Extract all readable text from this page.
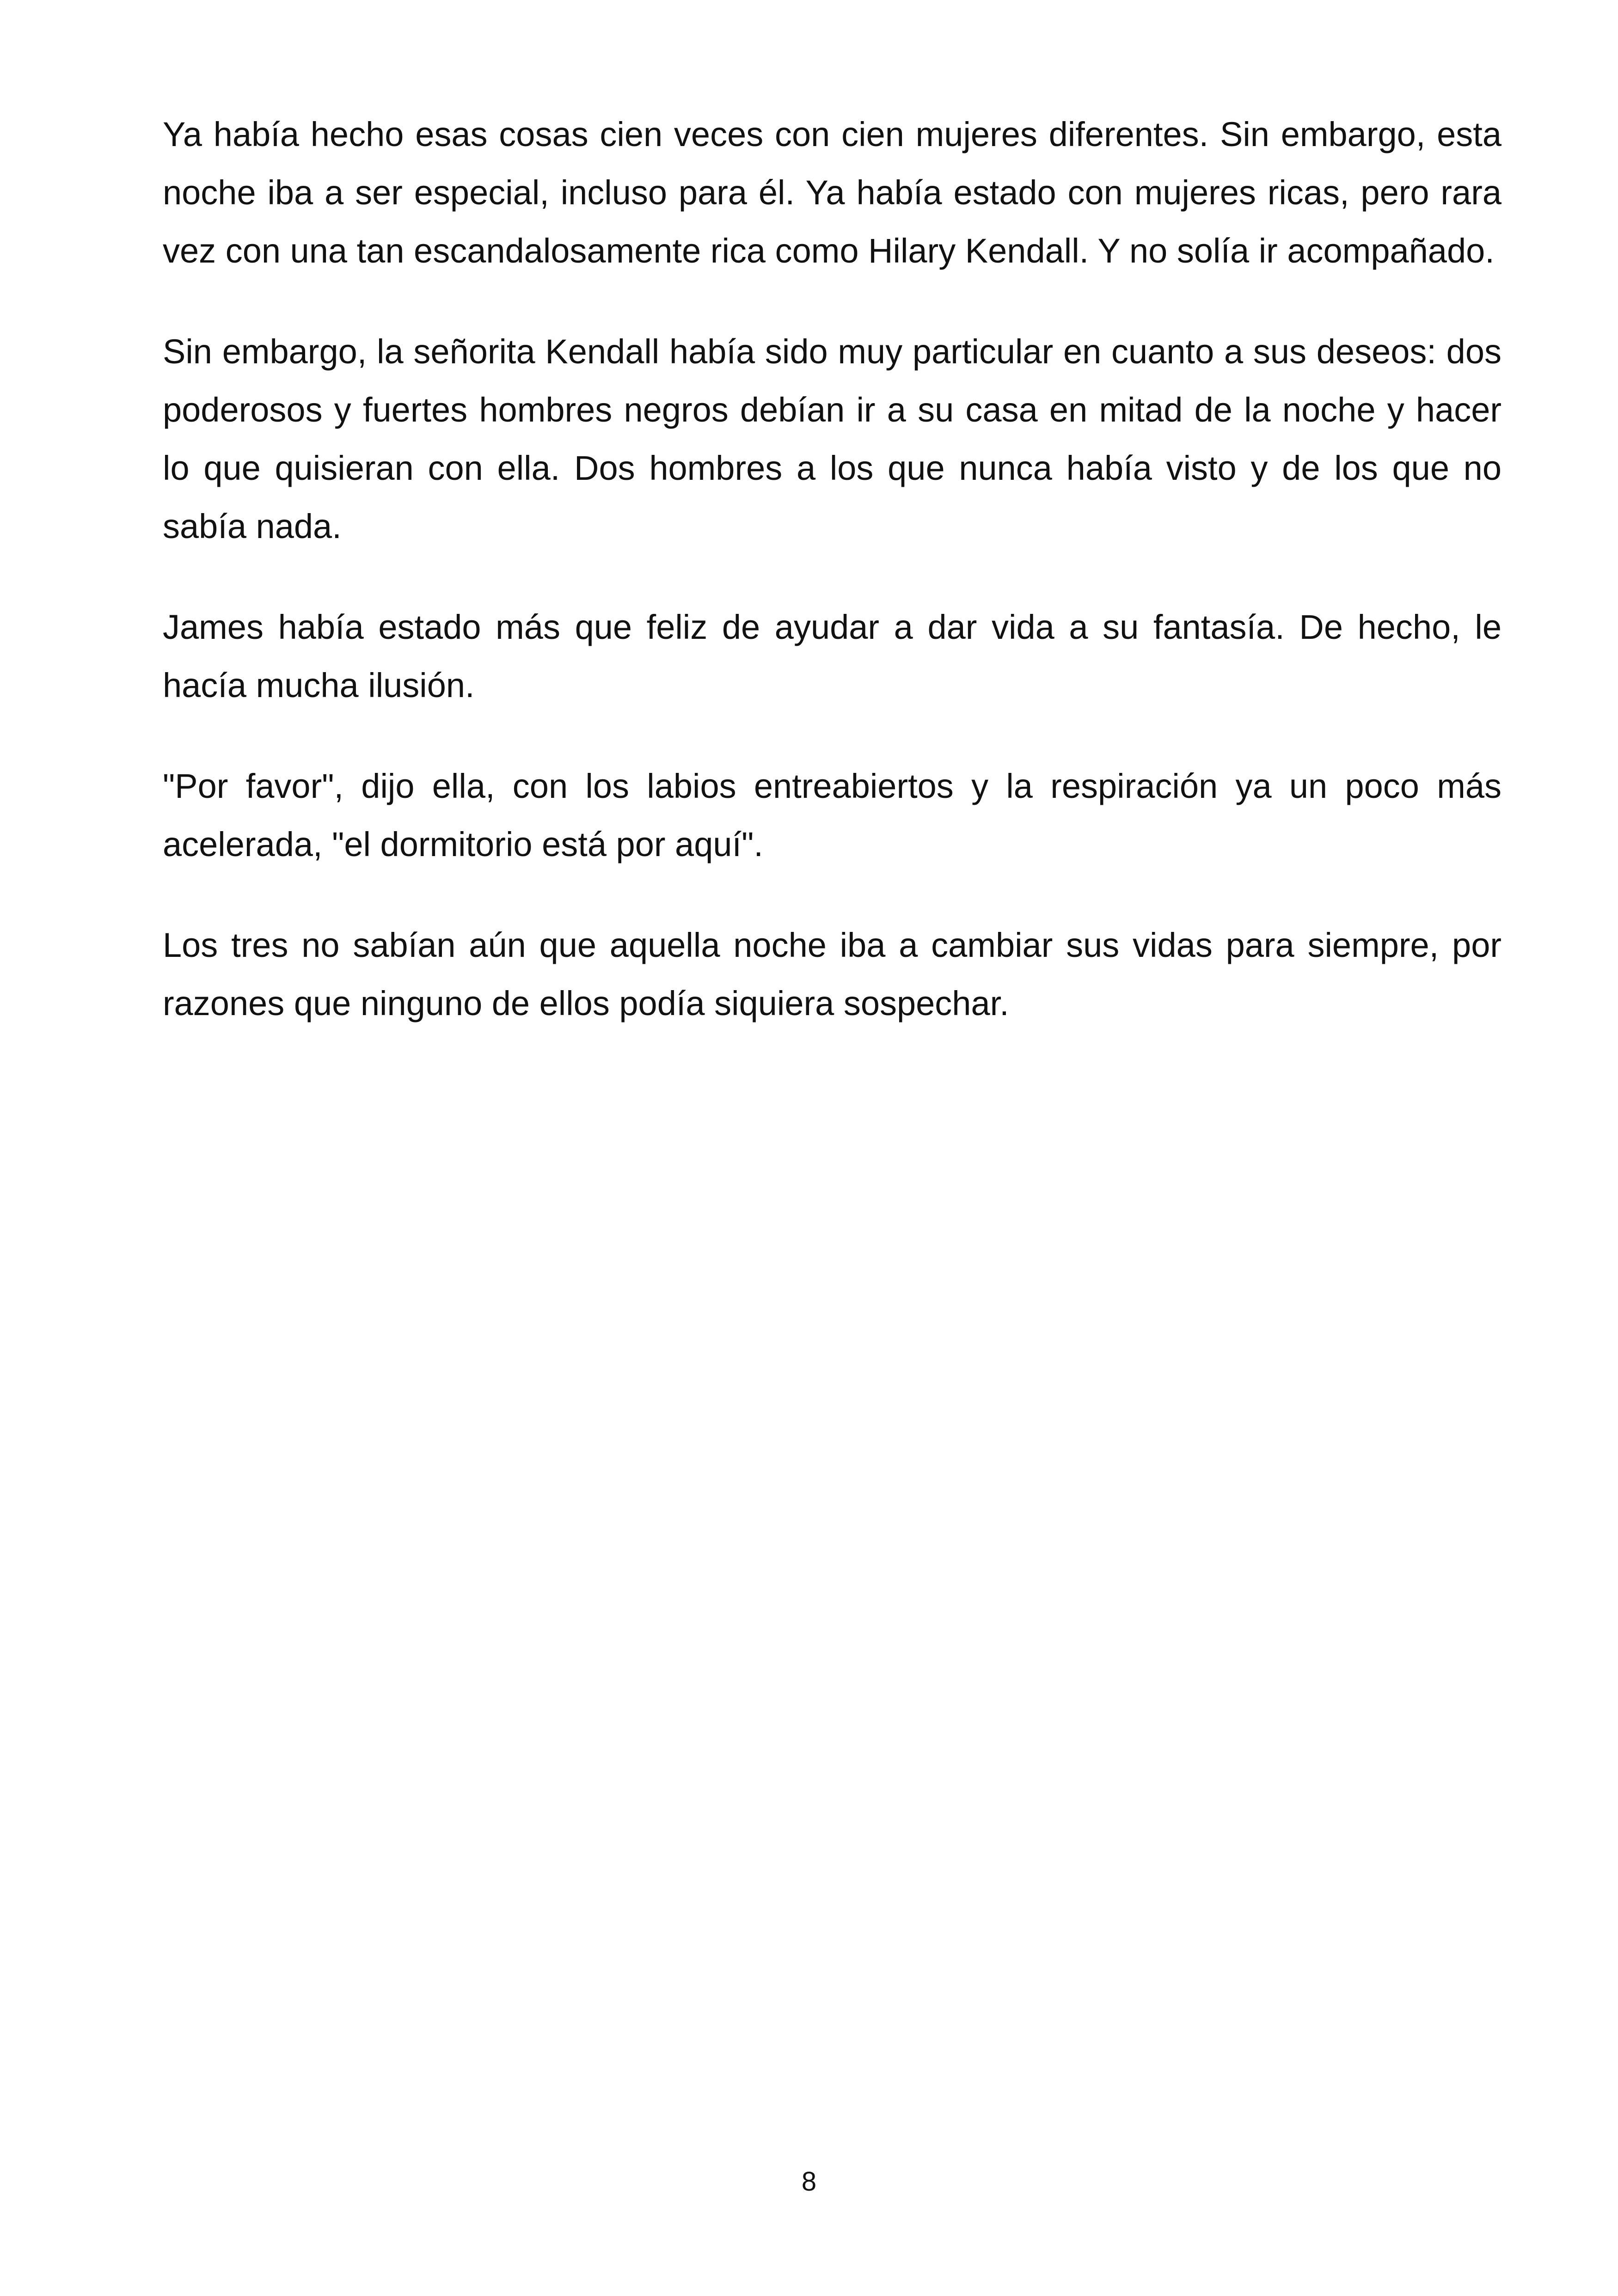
Ya había hecho esas cosas cien veces con cien mujeres diferentes. Sin embargo, esta noche iba a ser especial, incluso para él. Ya había estado con mujeres ricas, pero rara vez con una tan escandalosamente rica como Hilary Kendall. Y no solía ir acompañado.

Sin embargo, la señorita Kendall había sido muy particular en cuanto a sus deseos: dos poderosos y fuertes hombres negros debían ir a su casa en mitad de la noche y hacer lo que quisieran con ella. Dos hombres a los que nunca había visto y de los que no sabía nada.

James había estado más que feliz de ayudar a dar vida a su fantasía. De hecho, le hacía mucha ilusión.

"Por favor", dijo ella, con los labios entreabiertos y la respiración ya un poco más acelerada, "el dormitorio está por aquí".

Los tres no sabían aún que aquella noche iba a cambiar sus vidas para siempre, por razones que ninguno de ellos podía siquiera sospechar.

8
